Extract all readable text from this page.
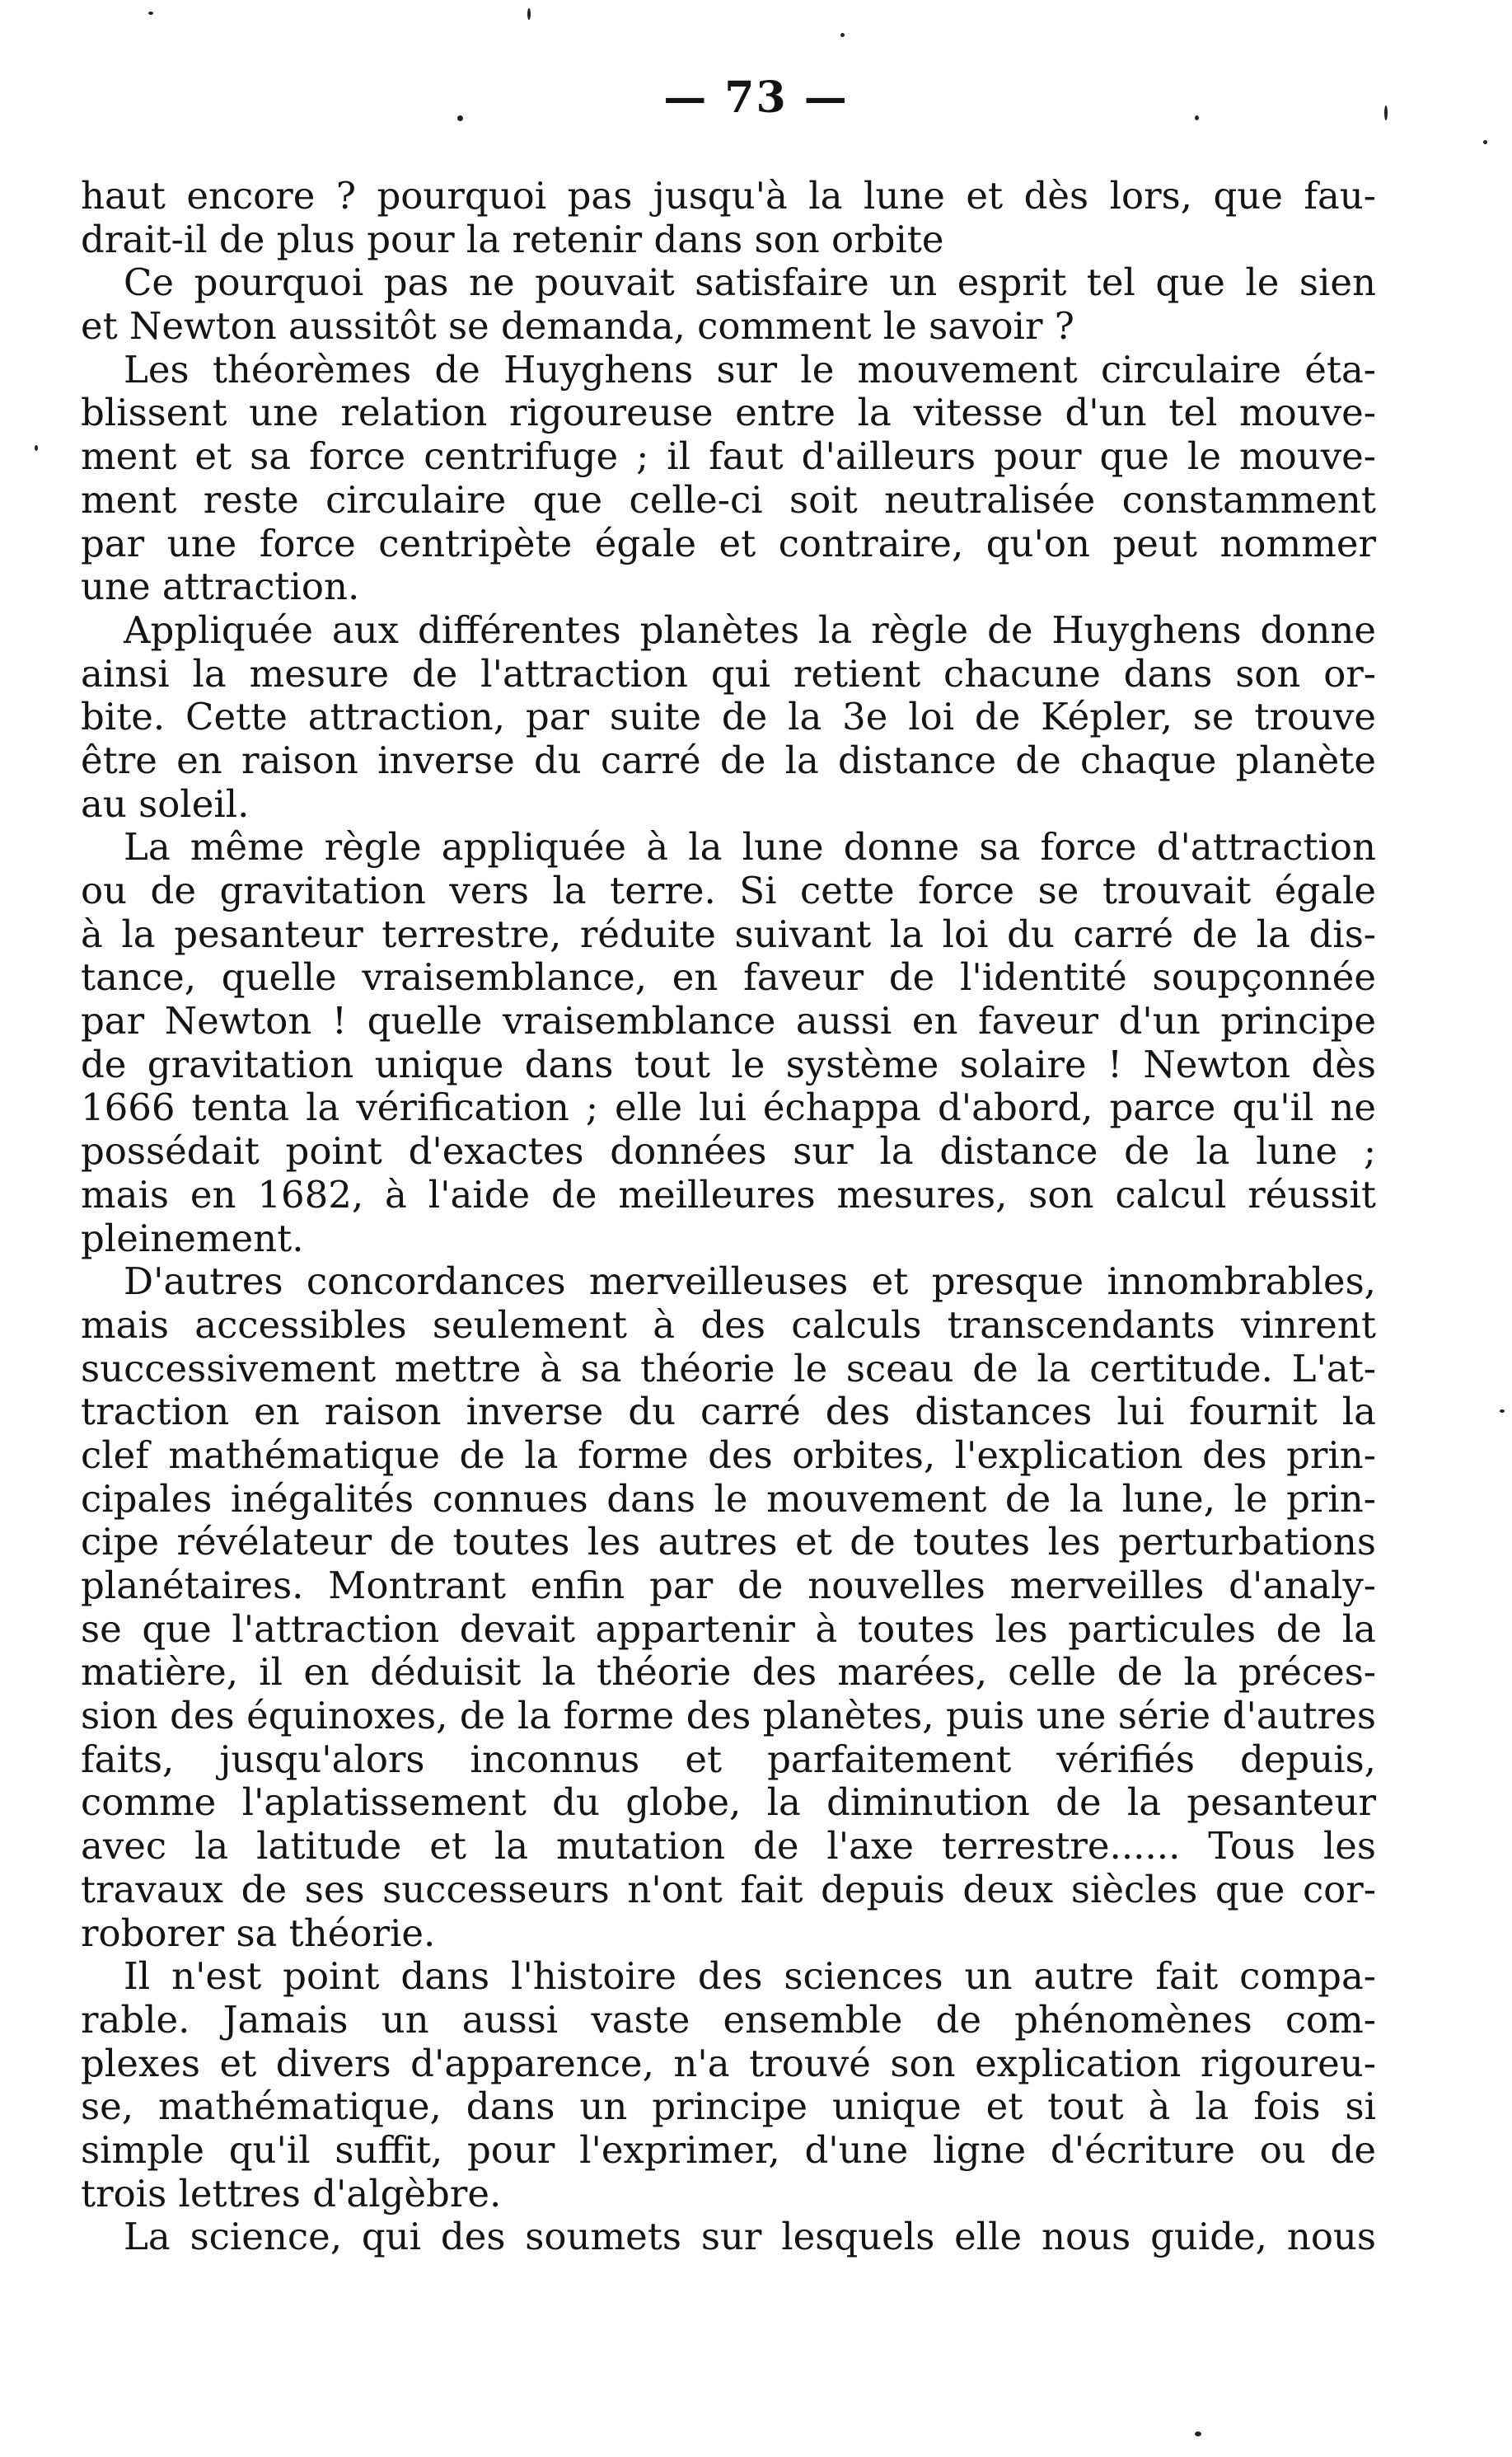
— 73 —
haut encore ? pourquoi pas jusqu'à la lune et dès lors, que fau-
drait-il de plus pour la retenir dans son orbite
Ce pourquoi pas ne pouvait satisfaire un esprit tel que le sien
et Newton aussitôt se demanda, comment le savoir ?
Les théorèmes de Huyghens sur le mouvement circulaire éta-
blissent une relation rigoureuse entre la vitesse d'un tel mouve-
ment et sa force centrifuge ; il faut d'ailleurs pour que le mouve-
ment reste circulaire que celle-ci soit neutralisée constamment
par une force centripète égale et contraire, qu'on peut nommer
une attraction.
Appliquée aux différentes planètes la règle de Huyghens donne
ainsi la mesure de l'attraction qui retient chacune dans son or-
bite. Cette attraction, par suite de la 3e loi de Képler, se trouve
être en raison inverse du carré de la distance de chaque planète
au soleil.
La même règle appliquée à la lune donne sa force d'attraction
ou de gravitation vers la terre. Si cette force se trouvait égale
à la pesanteur terrestre, réduite suivant la loi du carré de la dis-
tance, quelle vraisemblance, en faveur de l'identité soupçonnée
par Newton ! quelle vraisemblance aussi en faveur d'un principe
de gravitation unique dans tout le système solaire ! Newton dès
1666 tenta la vérification ; elle lui échappa d'abord, parce qu'il ne
possédait point d'exactes données sur la distance de la lune ;
mais en 1682, à l'aide de meilleures mesures, son calcul réussit
pleinement.
D'autres concordances merveilleuses et presque innombrables,
mais accessibles seulement à des calculs transcendants vinrent
successivement mettre à sa théorie le sceau de la certitude. L'at-
traction en raison inverse du carré des distances lui fournit la
clef mathématique de la forme des orbites, l'explication des prin-
cipales inégalités connues dans le mouvement de la lune, le prin-
cipe révélateur de toutes les autres et de toutes les perturbations
planétaires. Montrant enfin par de nouvelles merveilles d'analy-
se que l'attraction devait appartenir à toutes les particules de la
matière, il en déduisit la théorie des marées, celle de la préces-
sion des équinoxes, de la forme des planètes, puis une série d'autres
faits, jusqu'alors inconnus et parfaitement vérifiés depuis,
comme l'aplatissement du globe, la diminution de la pesanteur
avec la latitude et la mutation de l'axe terrestre...... Tous les
travaux de ses successeurs n'ont fait depuis deux siècles que cor-
roborer sa théorie.
Il n'est point dans l'histoire des sciences un autre fait compa-
rable. Jamais un aussi vaste ensemble de phénomènes com-
plexes et divers d'apparence, n'a trouvé son explication rigoureu-
se, mathématique, dans un principe unique et tout à la fois si
simple qu'il suffit, pour l'exprimer, d'une ligne d'écriture ou de
trois lettres d'algèbre.
La science, qui des soumets sur lesquels elle nous guide, nous
